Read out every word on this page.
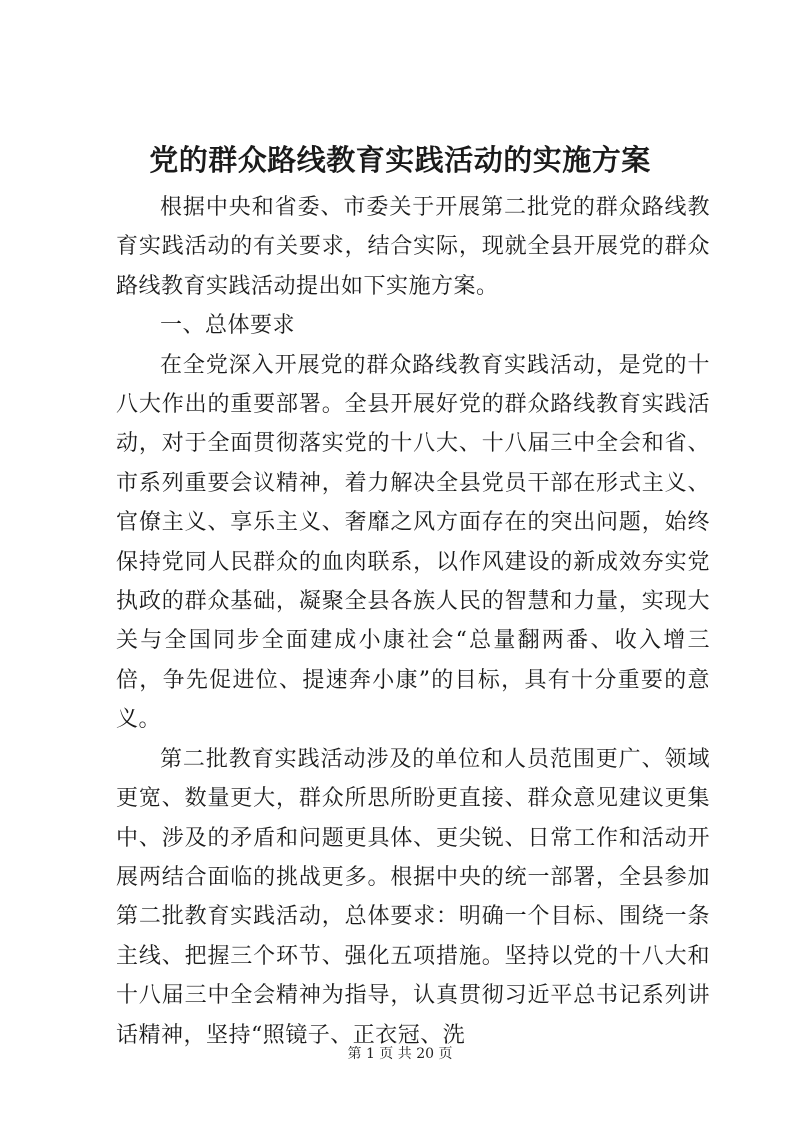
党的群众路线教育实践活动的实施方案

根据中央和省委、市委关于开展第二批党的群众路线教育实践活动的有关要求，结合实际，现就全县开展党的群众路线教育实践活动提出如下实施方案。

一、总体要求

在全党深入开展党的群众路线教育实践活动，是党的十八大作出的重要部署。全县开展好党的群众路线教育实践活动，对于全面贯彻落实党的十八大、十八届三中全会和省、市系列重要会议精神，着力解决全县党员干部在形式主义、官僚主义、享乐主义、奢靡之风方面存在的突出问题，始终保持党同人民群众的血肉联系，以作风建设的新成效夯实党执政的群众基础，凝聚全县各族人民的智慧和力量，实现大关与全国同步全面建成小康社会“总量翻两番、收入增三倍，争先促进位、提速奔小康”的目标，具有十分重要的意义。

第二批教育实践活动涉及的单位和人员范围更广、领域更宽、数量更大，群众所思所盼更直接、群众意见建议更集中、涉及的矛盾和问题更具体、更尖锐、日常工作和活动开展两结合面临的挑战更多。根据中央的统一部署，全县参加第二批教育实践活动，总体要求：明确一个目标、围绕一条主线、把握三个环节、强化五项措施。坚持以党的十八大和十八届三中全会精神为指导，认真贯彻习近平总书记系列讲话精神，坚持“照镜子、正衣冠、洗

第 1 页 共 20 页
